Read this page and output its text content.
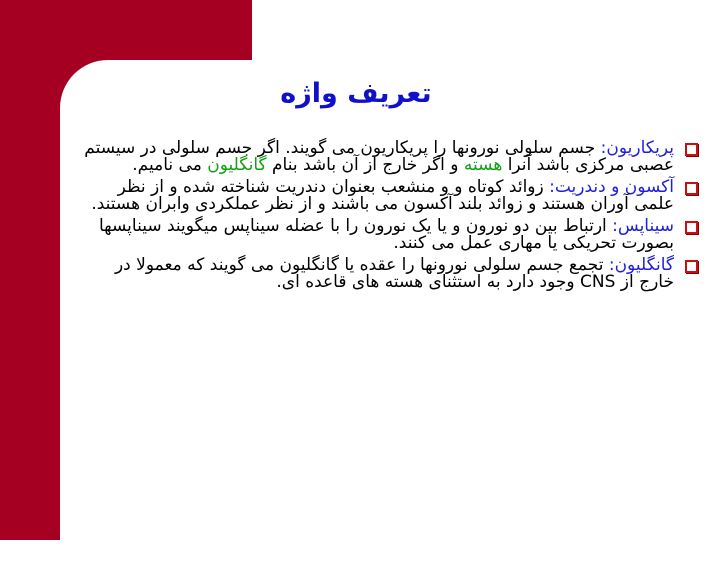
تعریف واژه
پریکاریون: جسم سلولی نورونها را پریکاریون می گویند. اگر جسم سلولی در سیستم عصبی مرکزی باشد آنرا هسته و اگر خارج از آن باشد بنام گانگلیون می نامیم.
آکسون و دندریت: زوائد کوتاه و و منشعب بعنوان دندریت شناخته شده و از نظر علمی آوران هستند و زوائد بلند آکسون می باشند و از نظر عملکردی وابران هستند.
سیناپس: ارتباط بین دو نورون و یا یک نورون را با عضله سیناپس میگویند سیناپسها بصورت تحریکی یا مهاری عمل می کنند.
گانگلیون: تجمع جسم سلولی نورونها را عقده یا گانگلیون می گویند که معمولا در خارج از CNS وجود دارد به استثنای هسته های قاعده ای.
